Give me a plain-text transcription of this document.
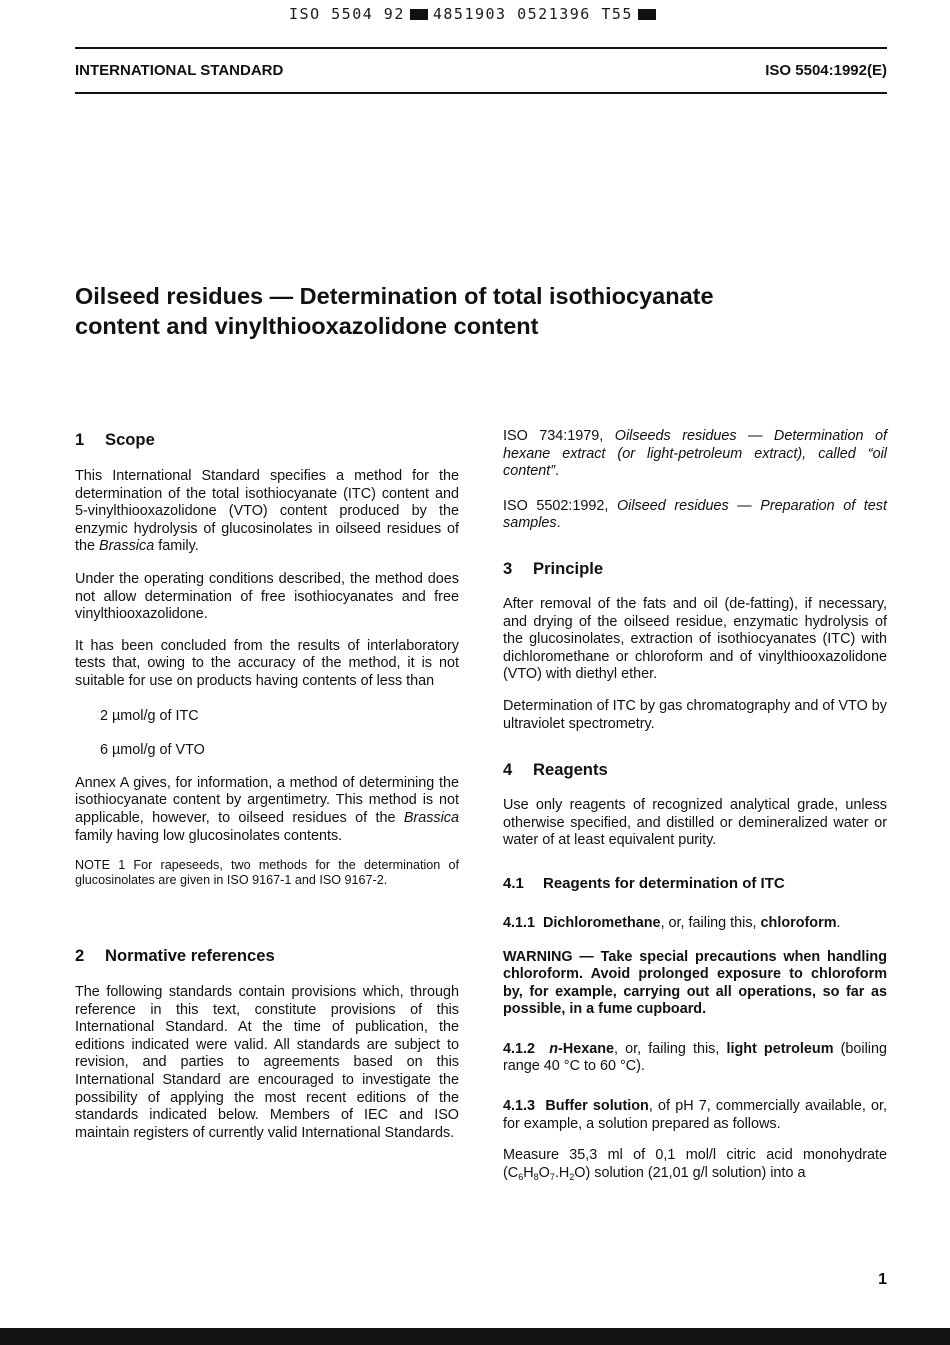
ISO 5504 92 4851903 0521396 T55
INTERNATIONAL STANDARD	ISO 5504:1992(E)
Oilseed residues — Determination of total isothiocyanate
content and vinylthiooxazolidone content
1 Scope

This International Standard specifies a method for the determination of the total isothiocyanate (ITC) content and 5-vinylthiooxazolidone (VTO) content produced by the enzymic hydrolysis of glucosinolates in oilseed residues of the Brassica family.

Under the operating conditions described, the method does not allow determination of free isothiocyanates and free vinylthiooxazolidone.

It has been concluded from the results of interlaboratory tests that, owing to the accuracy of the method, it is not suitable for use on products having contents of less than

2 µmol/g of ITC

6 µmol/g of VTO

Annex A gives, for information, a method of determining the isothiocyanate content by argentimetry. This method is not applicable, however, to oilseed residues of the Brassica family having low glucosinolates contents.

NOTE 1 For rapeseeds, two methods for the determination of glucosinolates are given in ISO 9167-1 and ISO 9167-2.

2 Normative references

The following standards contain provisions which, through reference in this text, constitute provisions of this International Standard. At the time of publication, the editions indicated were valid. All standards are subject to revision, and parties to agreements based on this International Standard are encouraged to investigate the possibility of applying the most recent editions of the standards indicated below. Members of IEC and ISO maintain registers of currently valid International Standards.

ISO 734:1979, Oilseeds residues — Determination of hexane extract (or light-petroleum extract), called “oil content”.

ISO 5502:1992, Oilseed residues — Preparation of test samples.

3 Principle

After removal of the fats and oil (de-fatting), if necessary, and drying of the oilseed residue, enzymatic hydrolysis of the glucosinolates, extraction of isothiocyanates (ITC) with dichloromethane or chloroform and of vinylthiooxazolidone (VTO) with diethyl ether.

Determination of ITC by gas chromatography and of VTO by ultraviolet spectrometry.

4 Reagents

Use only reagents of recognized analytical grade, unless otherwise specified, and distilled or demineralized water or water of at least equivalent purity.

4.1 Reagents for determination of ITC

4.1.1 Dichloromethane, or, failing this, chloroform.

WARNING — Take special precautions when handling chloroform. Avoid prolonged exposure to chloroform by, for example, carrying out all operations, so far as possible, in a fume cupboard.

4.1.2 n-Hexane, or, failing this, light petroleum (boiling range 40 °C to 60 °C).

4.1.3 Buffer solution, of pH 7, commercially available, or, for example, a solution prepared as follows.

Measure 35,3 ml of 0,1 mol/l citric acid monohydrate $(C_6H_8O_7.H_2O)$ solution (21,01 g/l solution) into a

1
